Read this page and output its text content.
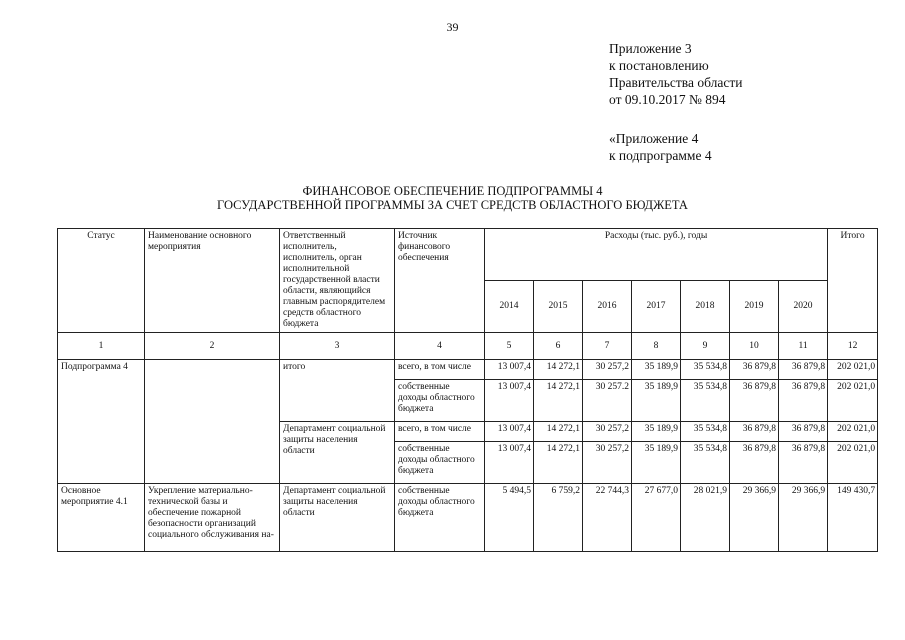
39
Приложение 3
к постановлению
Правительства области
от 09.10.2017 № 894
«Приложение 4
к подпрограмме 4
ФИНАНСОВОЕ ОБЕСПЕЧЕНИЕ ПОДПРОГРАММЫ 4
ГОСУДАРСТВЕННОЙ ПРОГРАММЫ ЗА СЧЕТ СРЕДСТВ ОБЛАСТНОГО БЮДЖЕТА
Статус	Наименование основного мероприятия	Ответственный исполнитель, исполнитель, орган исполнительной государственной власти области, являющийся главным распорядителем средств областного бюджета	Источник финансового обеспечения	Расходы (тыс. руб.), годы							Итого
				2014	2015	2016	2017	2018	2019	2020	
1	2	3	4	5	6	7	8	9	10	11	12
Подпрограмма 4		итого	всего, в том числе	13 007,4	14 272,1	30 257,2	35 189,9	35 534,8	36 879,8	36 879,8	202 021,0
			собственные доходы областного бюджета	13 007,4	14 272,1	30 257.2	35 189,9	35 534,8	36 879,8	36 879,8	202 021,0
		Департамент социальной защиты населения области	всего, в том числе	13 007,4	14 272,1	30 257,2	35 189,9	35 534,8	36 879,8	36 879,8	202 021,0
			собственные доходы областного бюджета	13 007,4	14 272,1	30 257,2	35 189,9	35 534,8	36 879,8	36 879,8	202 021,0
Основное мероприятие 4.1	Укрепление материально-технической базы и обеспечение пожарной безопасности организаций социального обслуживания на-	Департамент социальной защиты населения области	собственные доходы областного бюджета	5 494,5	6 759,2	22 744,3	27 677,0	28 021,9	29 366,9	29 366,9	149 430,7
